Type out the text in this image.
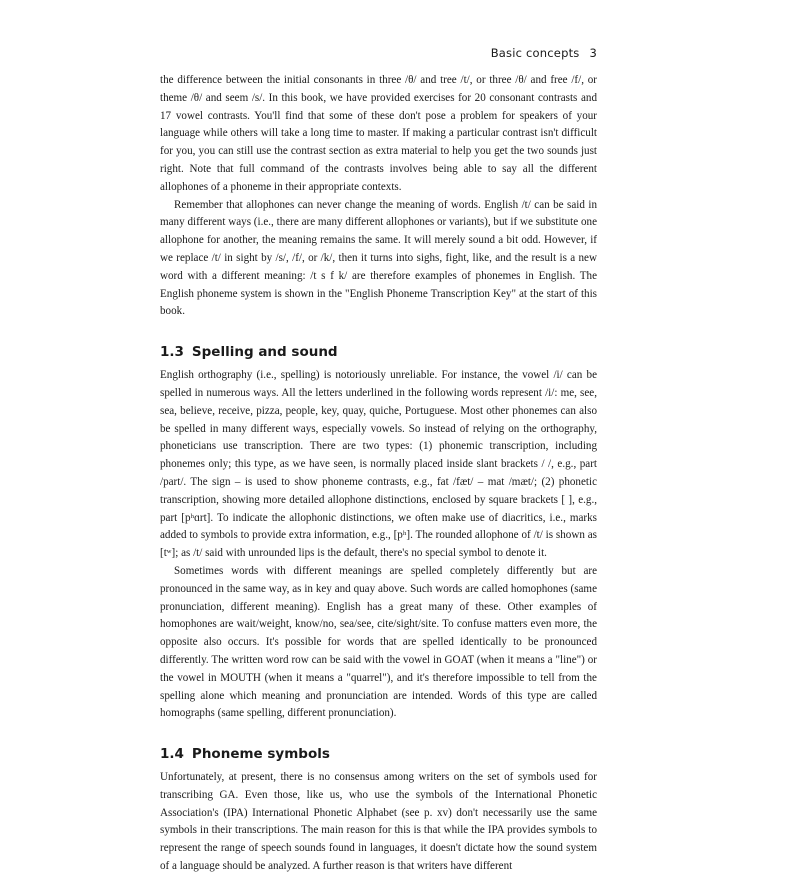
Basic concepts 3

the difference between the initial consonants in three /θ/ and tree /t/, or three /θ/ and free /f/, or theme /θ/ and seem /s/. In this book, we have provided exercises for 20 consonant contrasts and 17 vowel contrasts. You'll find that some of these don't pose a problem for speakers of your language while others will take a long time to master. If making a particular contrast isn't difficult for you, you can still use the contrast section as extra material to help you get the two sounds just right. Note that full command of the contrasts involves being able to say all the different allophones of a phoneme in their appropriate contexts.

Remember that allophones can never change the meaning of words. English /t/ can be said in many different ways (i.e., there are many different allophones or variants), but if we substitute one allophone for another, the meaning remains the same. It will merely sound a bit odd. However, if we replace /t/ in sight by /s/, /f/, or /k/, then it turns into sighs, fight, like, and the result is a new word with a different meaning: /t s f k/ are therefore examples of phonemes in English. The English phoneme system is shown in the "English Phoneme Transcription Key" at the start of this book.

1.3 Spelling and sound

English orthography (i.e., spelling) is notoriously unreliable. For instance, the vowel /i/ can be spelled in numerous ways. All the letters underlined in the following words represent /i/: me, see, sea, believe, receive, pizza, people, key, quay, quiche, Portuguese. Most other phonemes can also be spelled in many different ways, especially vowels. So instead of relying on the orthography, phoneticians use transcription. There are two types: (1) phonemic transcription, including phonemes only; this type, as we have seen, is normally placed inside slant brackets / /, e.g., part /part/. The sign – is used to show phoneme contrasts, e.g., fat /fæt/ – mat /mæt/; (2) phonetic transcription, showing more detailed allophone distinctions, enclosed by square brackets [ ], e.g., part [pʰɑrt]. To indicate the allophonic distinctions, we often make use of diacritics, i.e., marks added to symbols to provide extra information, e.g., [pʰ]. The rounded allophone of /t/ is shown as [tʷ]; as /t/ said with unrounded lips is the default, there's no special symbol to denote it.

Sometimes words with different meanings are spelled completely differently but are pronounced in the same way, as in key and quay above. Such words are called homophones (same pronunciation, different meaning). English has a great many of these. Other examples of homophones are wait/weight, know/no, sea/see, cite/sight/site. To confuse matters even more, the opposite also occurs. It's possible for words that are spelled identically to be pronounced differently. The written word row can be said with the vowel in GOAT (when it means a "line") or the vowel in MOUTH (when it means a "quarrel"), and it's therefore impossible to tell from the spelling alone which meaning and pronunciation are intended. Words of this type are called homographs (same spelling, different pronunciation).

1.4 Phoneme symbols

Unfortunately, at present, there is no consensus among writers on the set of symbols used for transcribing GA. Even those, like us, who use the symbols of the International Phonetic Association's (IPA) International Phonetic Alphabet (see p. xv) don't necessarily use the same symbols in their transcriptions. The main reason for this is that while the IPA provides symbols to represent the range of speech sounds found in languages, it doesn't dictate how the sound system of a language should be analyzed. A further reason is that writers have different
